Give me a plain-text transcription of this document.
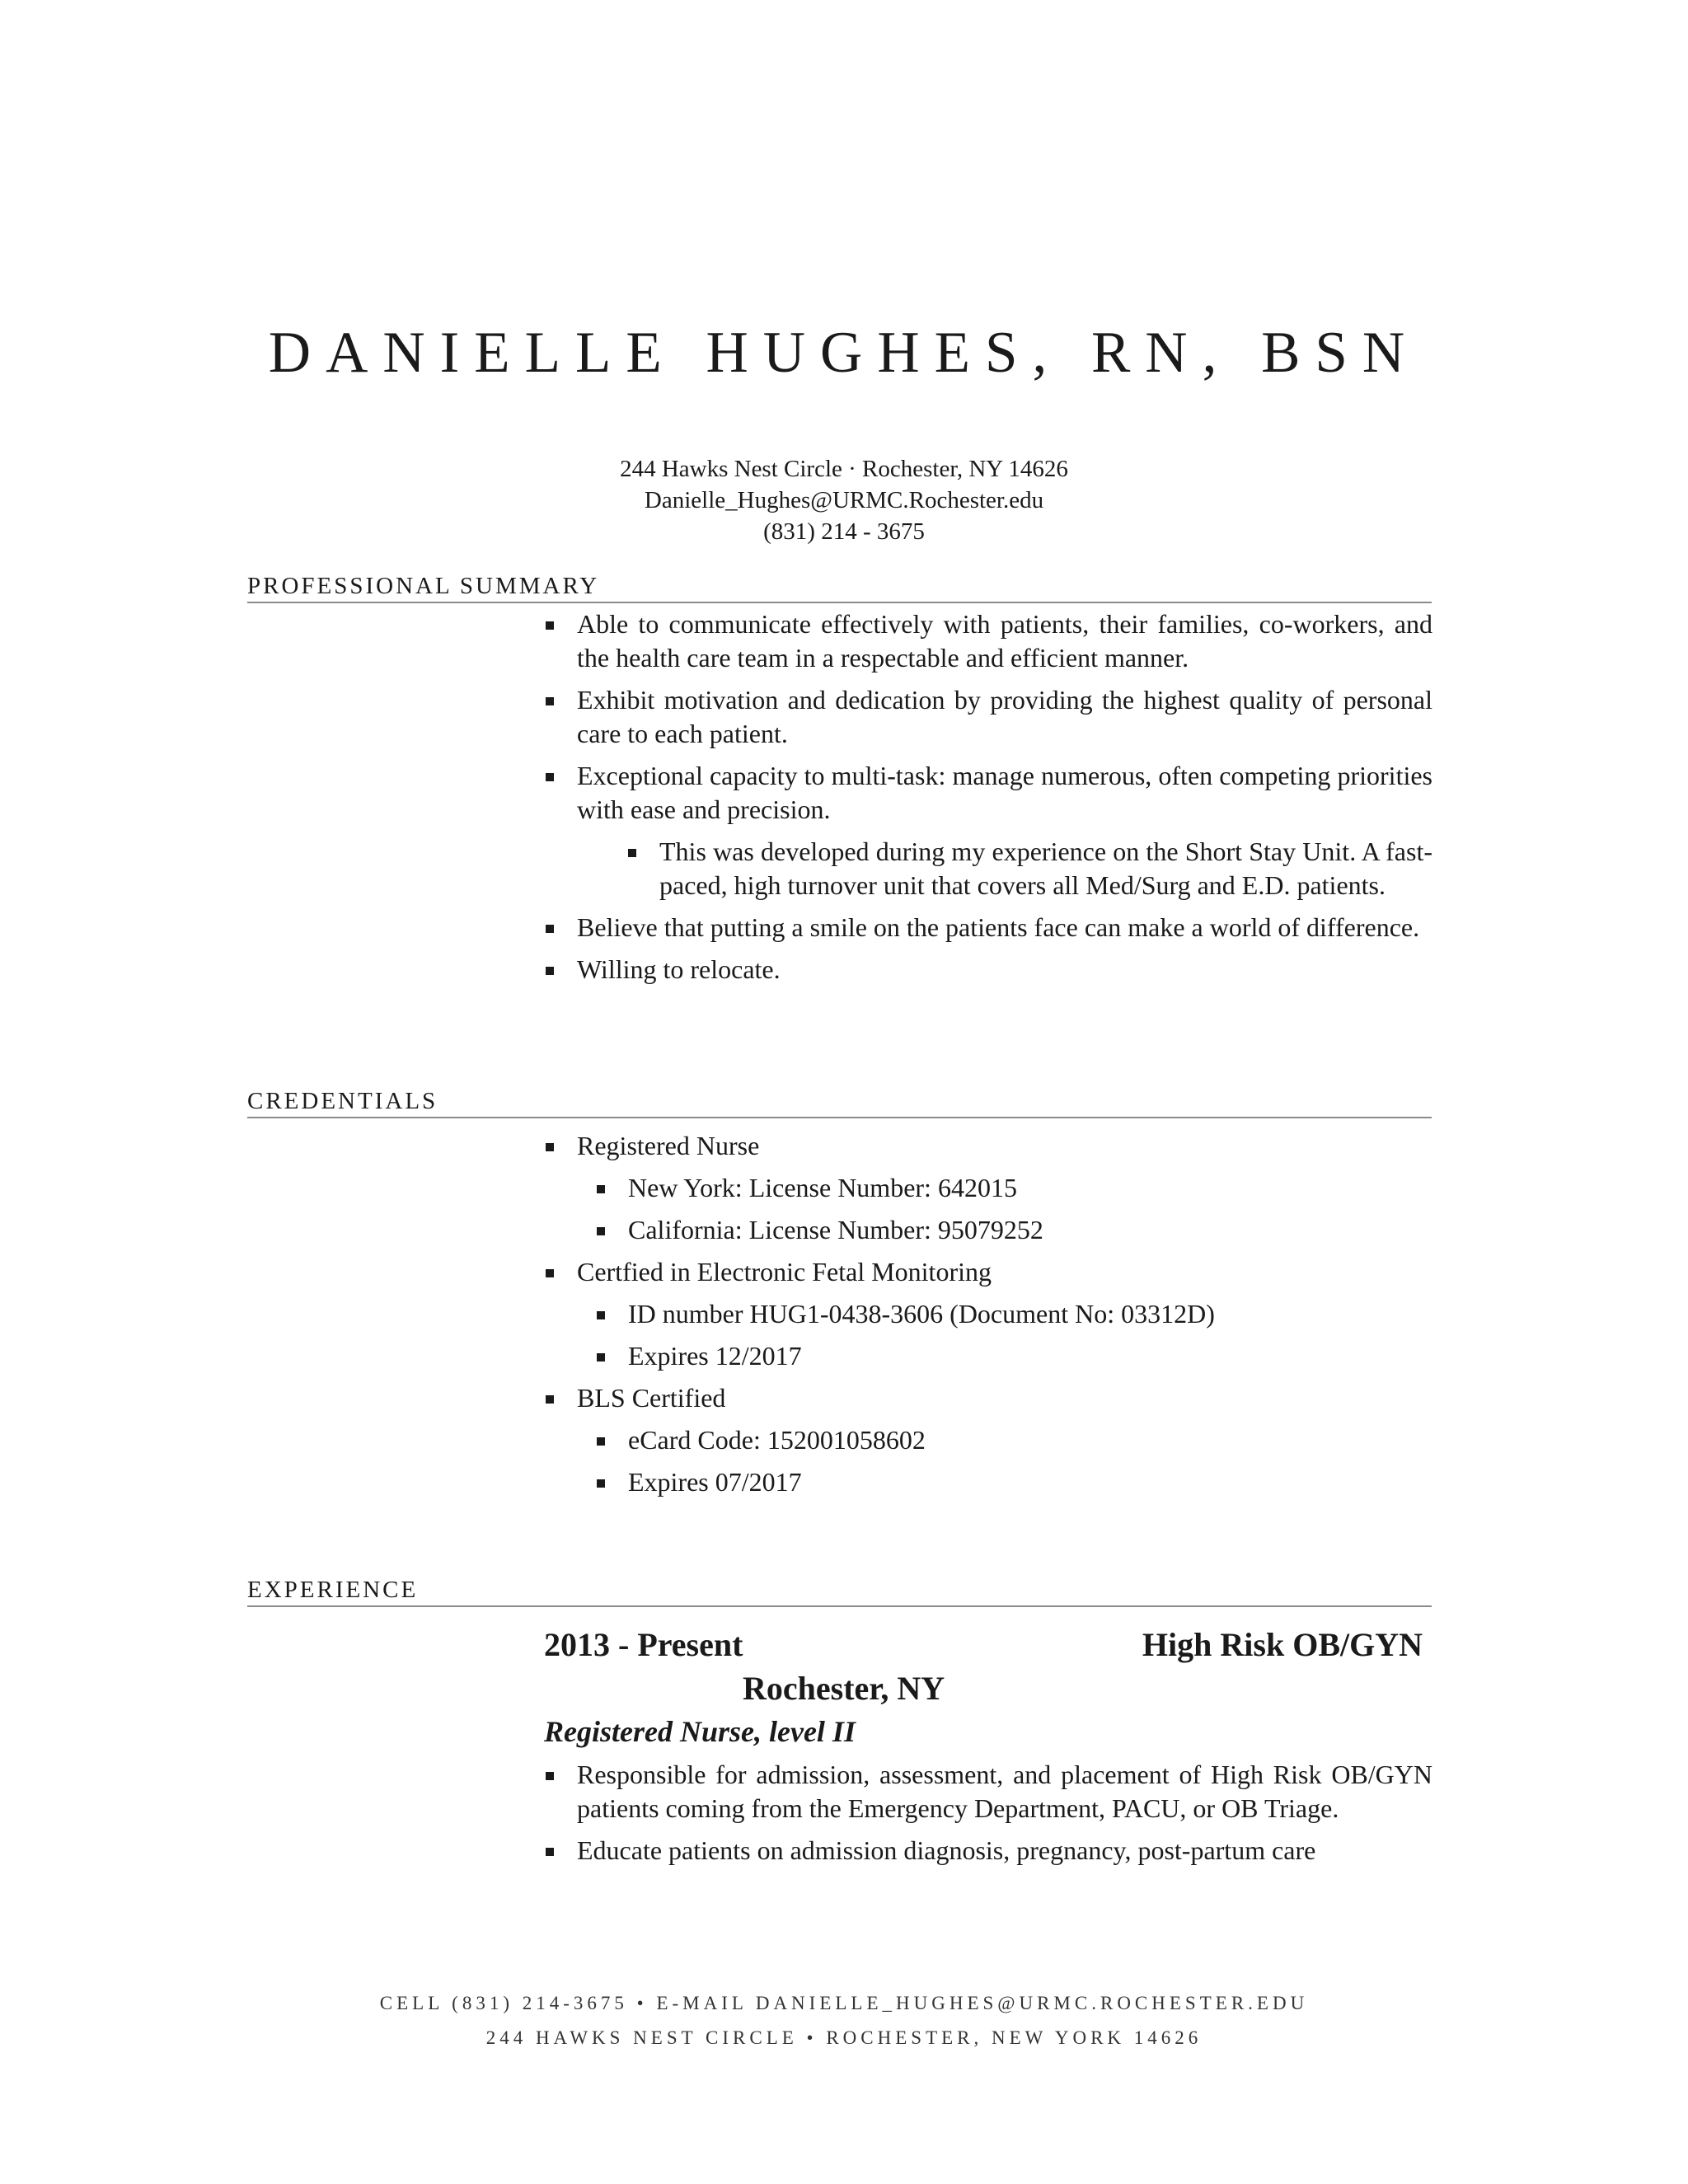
DANIELLE HUGHES, RN, BSN
244 Hawks Nest Circle · Rochester, NY 14626
Danielle_Hughes@URMC.Rochester.edu
(831) 214 - 3675
PROFESSIONAL SUMMARY
Able to communicate effectively with patients, their families, co-workers, and the health care team in a respectable and efficient manner.
Exhibit motivation and dedication by providing the highest quality of personal care to each patient.
Exceptional capacity to multi-task: manage numerous, often competing priorities with ease and precision.
This was developed during my experience on the Short Stay Unit. A fast-paced, high turnover unit that covers all Med/Surg and E.D. patients.
Believe that putting a smile on the patients face can make a world of difference.
Willing to relocate.
CREDENTIALS
Registered Nurse
New York: License Number: 642015
California: License Number: 95079252
Certfied in Electronic Fetal Monitoring
ID number HUG1-0438-3606 (Document No: 03312D)
Expires 12/2017
BLS Certified
eCard Code: 152001058602
Expires 07/2017
EXPERIENCE
2013 - Present	High Risk OB/GYN
Rochester, NY
Registered Nurse, level II
Responsible for admission, assessment, and placement of High Risk OB/GYN patients coming from the Emergency Department, PACU, or OB Triage.
Educate patients on admission diagnosis, pregnancy, post-partum care
CELL (831) 214-3675 • E-MAIL DANIELLE_HUGHES@URMC.ROCHESTER.EDU
244 HAWKS NEST CIRCLE • ROCHESTER, NEW YORK 14626
